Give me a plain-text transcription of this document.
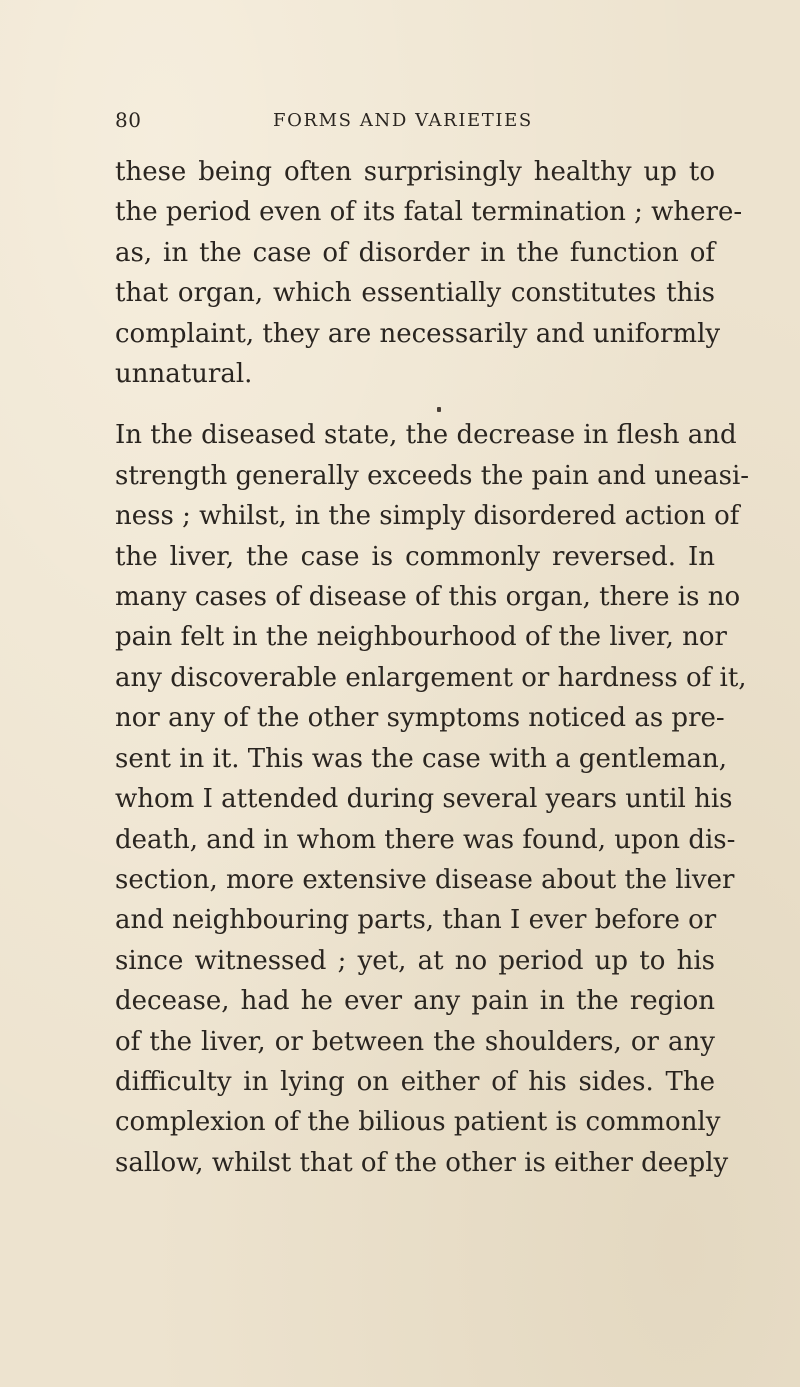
80	FORMS AND VARIETIES

these being often surprisingly healthy up to
the period even of its fatal termination ; where-
as, in the case of disorder in the function of
that organ, which essentially constitutes this
complaint, they are necessarily and uniformly
unnatural.

In the diseased state, the decrease in flesh and
strength generally exceeds the pain and uneasi-
ness ; whilst, in the simply disordered action of
the liver, the case is commonly reversed. In
many cases of disease of this organ, there is no
pain felt in the neighbourhood of the liver, nor
any discoverable enlargement or hardness of it,
nor any of the other symptoms noticed as pre-
sent in it. This was the case with a gentleman,
whom I attended during several years until his
death, and in whom there was found, upon dis-
section, more extensive disease about the liver
and neighbouring parts, than I ever before or
since witnessed ; yet, at no period up to his
decease, had he ever any pain in the region
of the liver, or between the shoulders, or any
difficulty in lying on either of his sides. The
complexion of the bilious patient is commonly
sallow, whilst that of the other is either deeply
